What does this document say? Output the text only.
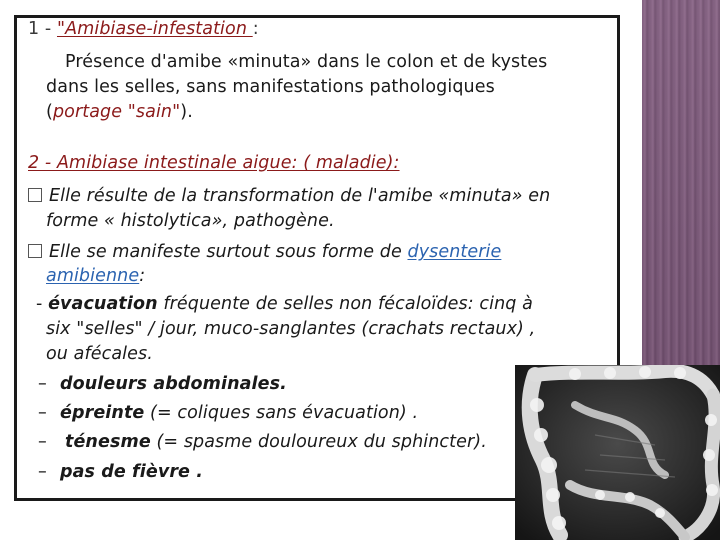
1 - "Amibiase-infestation :
Présence d'amibe «minuta» dans le colon et de kystes
dans les selles, sans manifestations pathologiques
(portage "sain").
2 - Amibiase intestinale aigue: ( maladie):
Elle résulte de la transformation de l'amibe «minuta» en
forme « histolytica», pathogène.
Elle se manifeste surtout sous forme de dysenterie
amibienne:
- évacuation fréquente de selles non fécaloïdes: cinq à
six "selles" / jour, muco-sanglantes (crachats rectaux) ,
ou afécales.
– douleurs abdominales.
– épreinte (= coliques sans évacuation) .
– ténesme (= spasme douloureux du sphincter).
– pas de fièvre .
